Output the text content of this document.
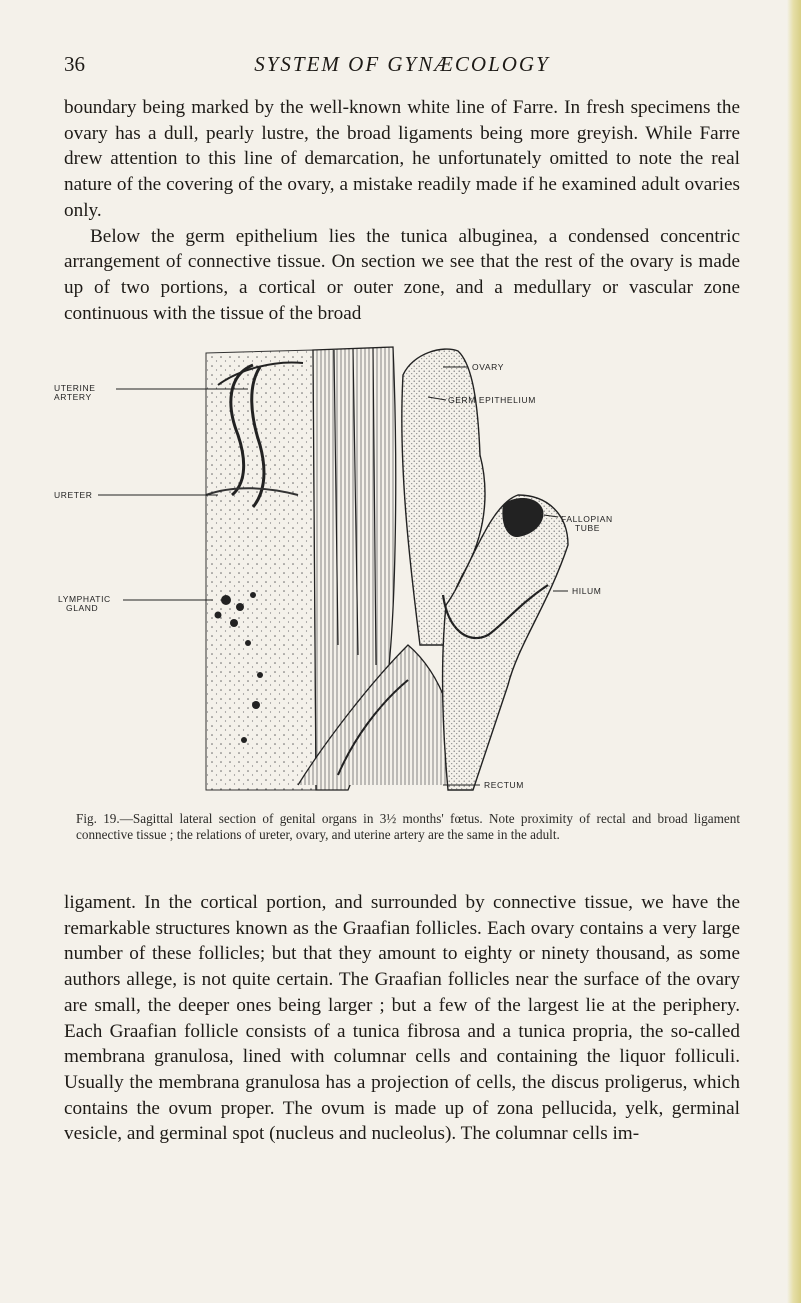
36	SYSTEM OF GYNÆCOLOGY

boundary being marked by the well-known white line of Farre. In fresh specimens the ovary has a dull, pearly lustre, the broad ligaments being more greyish. While Farre drew attention to this line of demarcation, he unfortunately omitted to note the real nature of the covering of the ovary, a mistake readily made if he examined adult ovaries only.
Below the germ epithelium lies the tunica albuginea, a condensed concentric arrangement of connective tissue. On section we see that the rest of the ovary is made up of two portions, a cortical or outer zone, and a medullary or vascular zone continuous with the tissue of the broad

UTERINE
ARTERY
URETER
LYMPHATIC
GLAND
OVARY
GERM EPITHELIUM
FALLOPIAN
TUBE
HILUM
RECTUM

Fig. 19.—Sagittal lateral section of genital organs in 3½ months' fœtus. Note proximity of rectal and broad ligament connective tissue ; the relations of ureter, ovary, and uterine artery are the same in the adult.

ligament. In the cortical portion, and surrounded by connective tissue, we have the remarkable structures known as the Graafian follicles. Each ovary contains a very large number of these follicles; but that they amount to eighty or ninety thousand, as some authors allege, is not quite certain. The Graafian follicles near the surface of the ovary are small, the deeper ones being larger ; but a few of the largest lie at the periphery. Each Graafian follicle consists of a tunica fibrosa and a tunica propria, the so-called membrana granulosa, lined with columnar cells and containing the liquor folliculi. Usually the membrana granulosa has a projection of cells, the discus proligerus, which contains the ovum proper. The ovum is made up of zona pellucida, yelk, germinal vesicle, and germinal spot (nucleus and nucleolus). The columnar cells im-
